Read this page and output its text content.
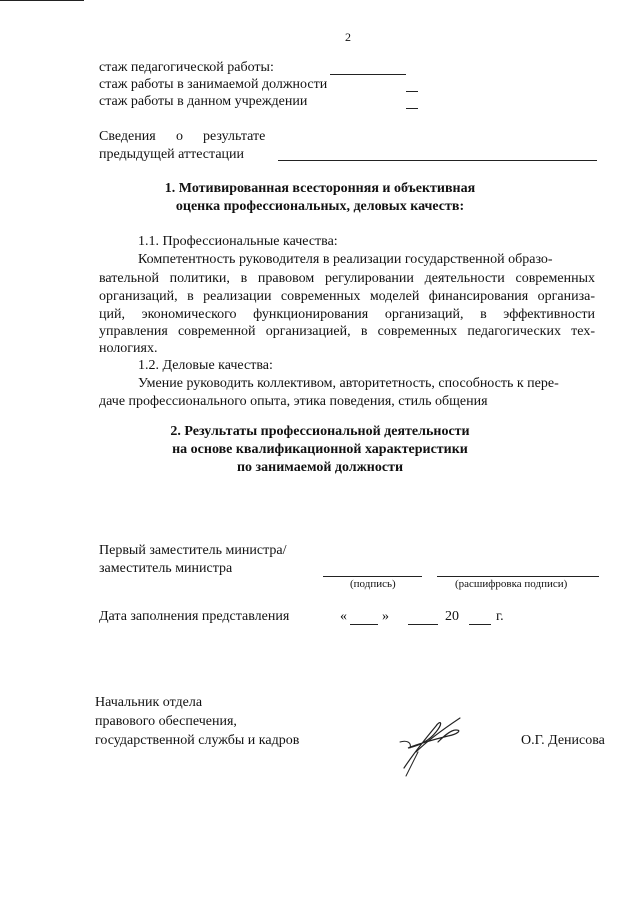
2
стаж педагогической работы:
стаж работы в занимаемой должности
стаж работы в данном учреждении
Сведения о результате
предыдущей аттестации
1. Мотивированная всесторонняя и объективная
оценка профессиональных, деловых качеств:
1.1. Профессиональные качества:
Компетентность руководителя в реализации государственной образо-
вательной политики, в правовом регулировании деятельности современных
организаций, в реализации современных моделей финансирования организа-
ций, экономического функционирования организаций, в эффективности
управления современной организацией, в современных педагогических тех-
нологиях.
1.2. Деловые качества:
Умение руководить коллективом, авторитетность, способность к пере-
даче профессионального опыта, этика поведения, стиль общения
2. Результаты профессиональной деятельности
на основе квалификационной характеристики
по занимаемой должности
Первый заместитель министра/
заместитель министра
(подпись)	(расшифровка подписи)
Дата заполнения представления	«	»	20	г.
Начальник отдела
правового обеспечения,
государственной службы и кадров	О.Г. Денисова
